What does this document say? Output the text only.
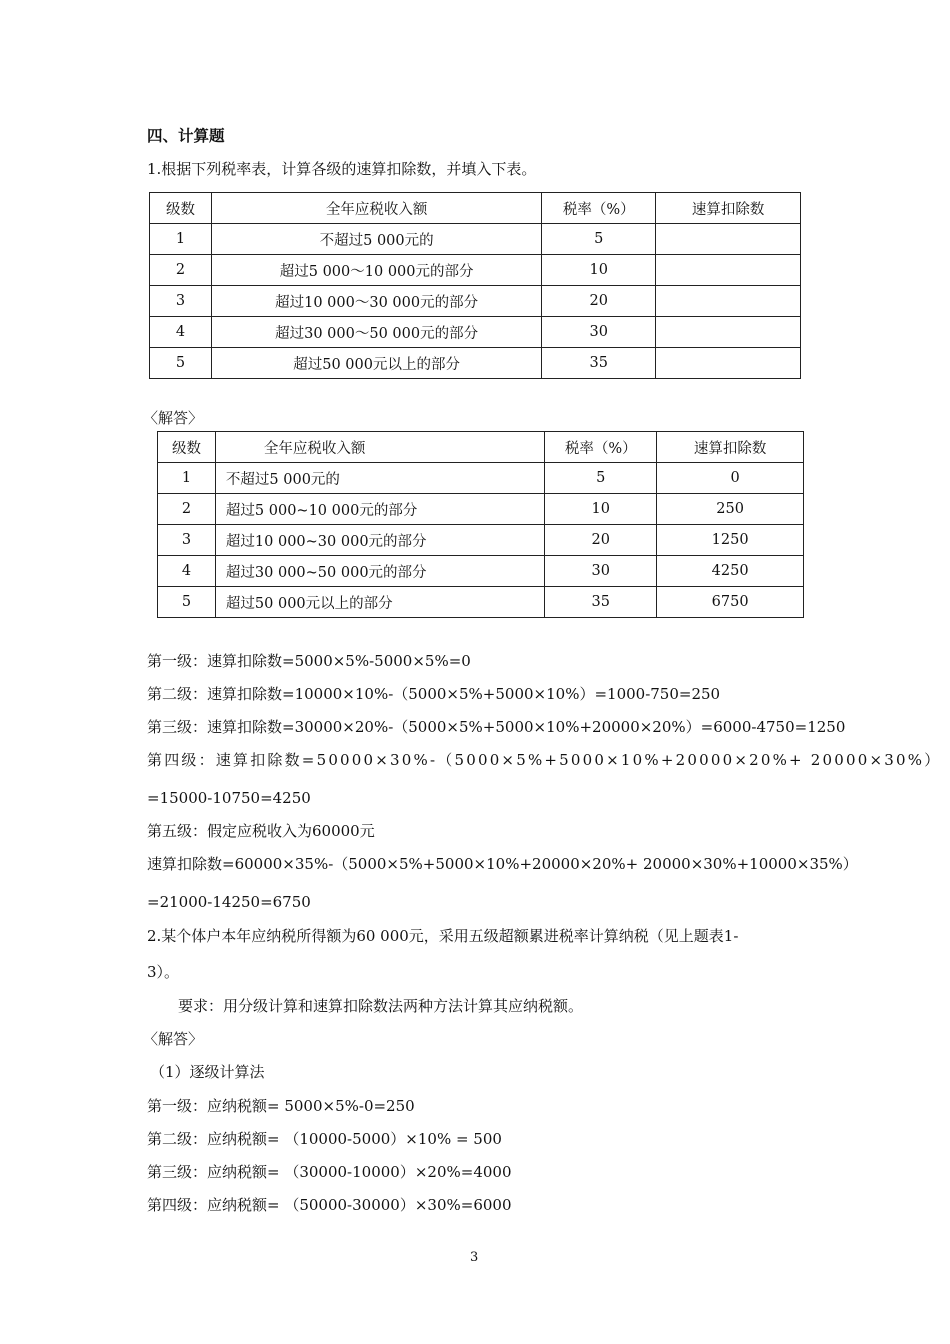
四、计算题
1.根据下列税率表，计算各级的速算扣除数，并填入下表。
级数	全年应税收入额	税率（%）	速算扣除数
1	不超过5 000元的	5	
2	超过5 000～10 000元的部分	10	
3	超过10 000～30 000元的部分	20	
4	超过30 000～50 000元的部分	30	
5	超过50 000元以上的部分	35	
〈解答〉
级数	全年应税收入额	税率（%）	速算扣除数
1	不超过5 000元的	5	0
2	超过5 000~10 000元的部分	10	250
3	超过10 000~30 000元的部分	20	1250
4	超过30 000~50 000元的部分	30	4250
5	超过50 000元以上的部分	35	6750
第一级：速算扣除数=5000×5%-5000×5%=0
第二级：速算扣除数=10000×10%-（5000×5%+5000×10%）=1000-750=250
第三级：速算扣除数=30000×20%-（5000×5%+5000×10%+20000×20%）=6000-4750=1250
第四级：速算扣除数=50000×30%-（5000×5%+5000×10%+20000×20%+ 20000×30%）
=15000-10750=4250
第五级：假定应税收入为60000元
速算扣除数=60000×35%-（5000×5%+5000×10%+20000×20%+ 20000×30%+10000×35%）
=21000-14250=6750
2.某个体户本年应纳税所得额为60 000元，采用五级超额累进税率计算纳税（见上题表1-
3）。
要求：用分级计算和速算扣除数法两种方法计算其应纳税额。
〈解答〉
（1）逐级计算法
第一级：应纳税额= 5000×5%-0=250
第二级：应纳税额= （10000-5000）×10% = 500
第三级：应纳税额= （30000-10000）×20%=4000
第四级：应纳税额= （50000-30000）×30%=6000
3
